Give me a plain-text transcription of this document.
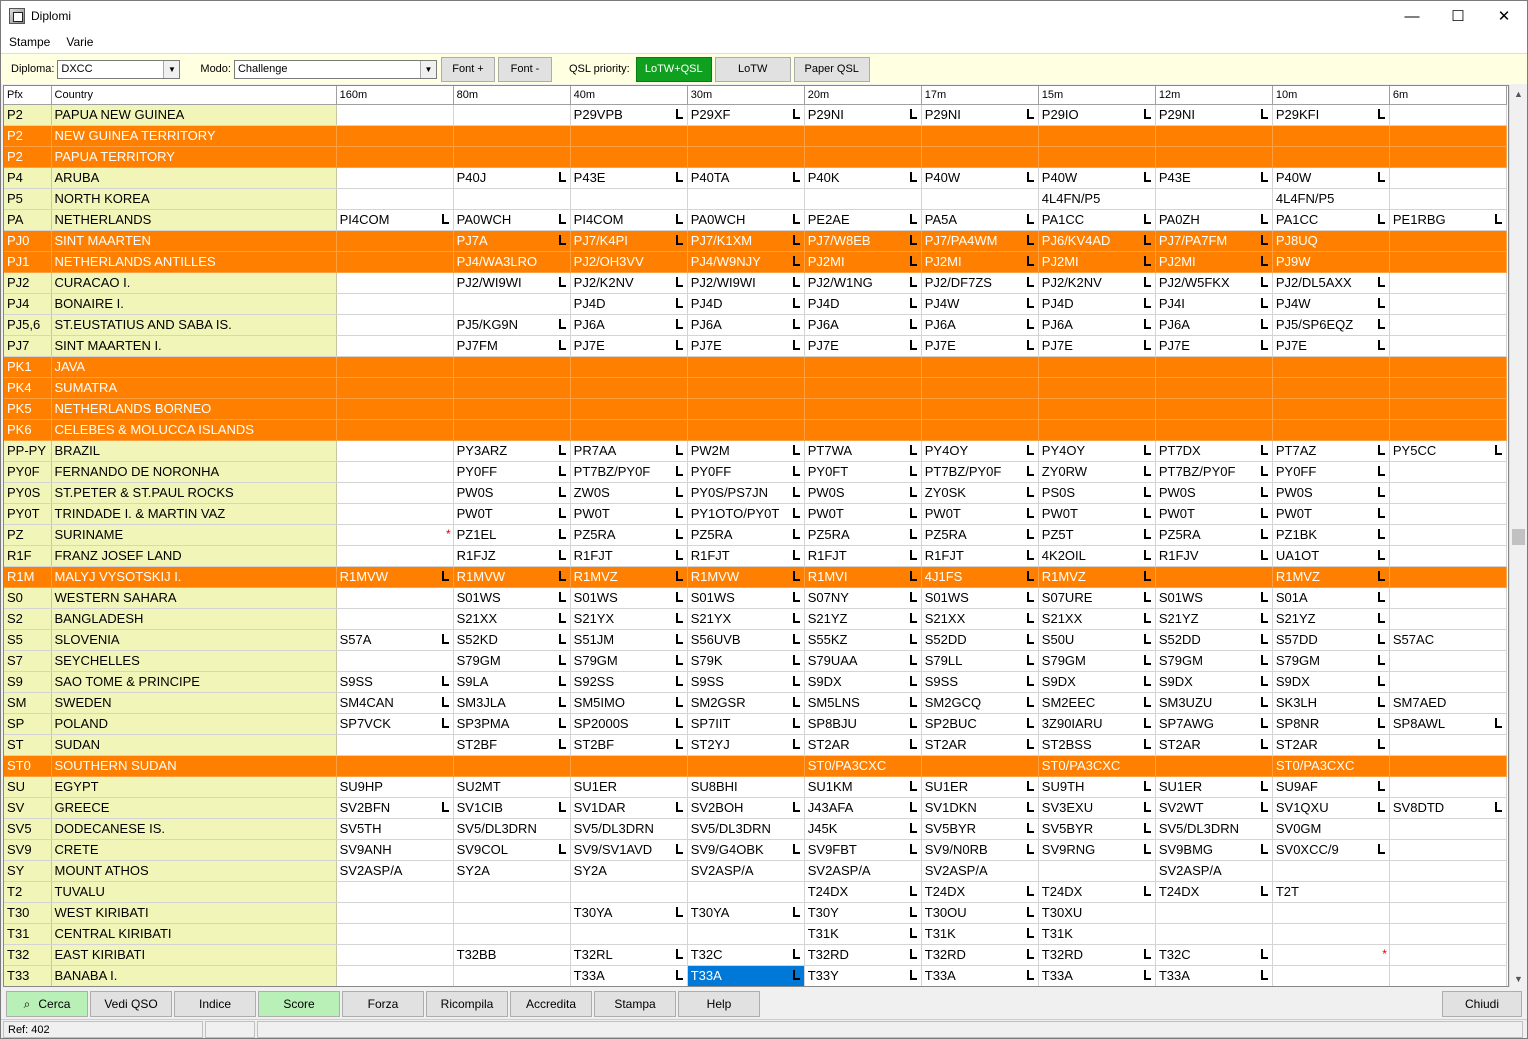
Diplomi	—	☐	✕
Stampe	Varie
Diploma: DXCC	▼	Modo: Challenge	▼	Font +	Font -	QSL priority:	LoTW+QSL	LoTW	Paper QSL
Pfx	Country	160m	80m	40m	30m	20m	17m	15m	12m	10m	6m
P2	PAPUA NEW GUINEA			P29VPB	P29XF	P29NI	P29NI	P29IO	P29NI	P29KFI

P2	NEW GUINEA TERRITORY										
P2	PAPUA TERRITORY										
P4	ARUBA		P40J	P43E	P40TA	P40K	P40W	P40W	P43E	P40W

P5	NORTH KOREA							4L4FN/P5		4L4FN/P5	
PA	NETHERLANDS	PI4COM	PA0WCH	PI4COM	PA0WCH	PE2AE	PA5A	PA1CC	PA0ZH	PA1CC	PE1RBG

PJ0	SINT MAARTEN		PJ7A	PJ7/K4PI	PJ7/K1XM	PJ7/W8EB	PJ7/PA4WM	PJ6/KV4AD	PJ7/PA7FM	PJ8UQ	
PJ1	NETHERLANDS ANTILLES		PJ4/WA3LRO	PJ2/OH3VV	PJ4/W9NJY	PJ2MI	PJ2MI	PJ2MI	PJ2MI	PJ9W	
PJ2	CURACAO I.		PJ2/WI9WI	PJ2/K2NV	PJ2/WI9WI	PJ2/W1NG	PJ2/DF7ZS	PJ2/K2NV	PJ2/W5FKX	PJ2/DL5AXX

PJ4	BONAIRE I.			PJ4D	PJ4D	PJ4D	PJ4W	PJ4D	PJ4I	PJ4W

PJ5,6	ST.EUSTATIUS AND SABA IS.		PJ5/KG9N	PJ6A	PJ6A	PJ6A	PJ6A	PJ6A	PJ6A	PJ5/SP6EQZ

PJ7	SINT MAARTEN I.		PJ7FM	PJ7E	PJ7E	PJ7E	PJ7E	PJ7E	PJ7E	PJ7E

PK1	JAVA										
PK4	SUMATRA										
PK5	NETHERLANDS BORNEO										
PK6	CELEBES & MOLUCCA ISLANDS										
PP-PY	BRAZIL		PY3ARZ	PR7AA	PW2M	PT7WA	PY4OY	PY4OY	PT7DX	PT7AZ	PY5CC

PY0F	FERNANDO DE NORONHA		PY0FF	PT7BZ/PY0F	PY0FF	PY0FT	PT7BZ/PY0F	ZY0RW	PT7BZ/PY0F	PY0FF

PY0S	ST.PETER & ST.PAUL ROCKS		PW0S	ZW0S	PY0S/PS7JN	PW0S	ZY0SK	PS0S	PW0S	PW0S

PY0T	TRINDADE I. & MARTIN VAZ		PW0T	PW0T	PY1OTO/PY0T	PW0T	PW0T	PW0T	PW0T	PW0T

PZ	SURINAME	*	PZ1EL	PZ5RA	PZ5RA	PZ5RA	PZ5RA	PZ5T	PZ5RA	PZ1BK

R1F	FRANZ JOSEF LAND		R1FJZ	R1FJT	R1FJT	R1FJT	R1FJT	4K2OIL	R1FJV	UA1OT

R1M	MALYJ VYSOTSKIJ I.	R1MVW	R1MVW	R1MVZ	R1MVW	R1MVI	4J1FS	R1MVZ		R1MVZ

S0	WESTERN SAHARA		S01WS	S01WS	S01WS	S07NY	S01WS	S07URE	S01WS	S01A

S2	BANGLADESH		S21XX	S21YX	S21YX	S21YZ	S21XX	S21XX	S21YZ	S21YZ

S5	SLOVENIA	S57A	S52KD	S51JM	S56UVB	S55KZ	S52DD	S50U	S52DD	S57DD	S57AC
S7	SEYCHELLES		S79GM	S79GM	S79K	S79UAA	S79LL	S79GM	S79GM	S79GM

S9	SAO TOME & PRINCIPE	S9SS	S9LA	S92SS	S9SS	S9DX	S9SS	S9DX	S9DX	S9DX

SM	SWEDEN	SM4CAN	SM3JLA	SM5IMO	SM2GSR	SM5LNS	SM2GCQ	SM2EEC	SM3UZU	SK3LH	SM7AED
SP	POLAND	SP7VCK	SP3PMA	SP2000S	SP7IIT	SP8BJU	SP2BUC	3Z90IARU	SP7AWG	SP8NR	SP8AWL

ST	SUDAN		ST2BF	ST2BF	ST2YJ	ST2AR	ST2AR	ST2BSS	ST2AR	ST2AR

ST0	SOUTHERN SUDAN					ST0/PA3CXC		ST0/PA3CXC		ST0/PA3CXC	
SU	EGYPT	SU9HP	SU2MT	SU1ER	SU8BHI	SU1KM	SU1ER	SU9TH	SU1ER	SU9AF

SV	GREECE	SV2BFN	SV1CIB	SV1DAR	SV2BOH	J43AFA	SV1DKN	SV3EXU	SV2WT	SV1QXU	SV8DTD

SV5	DODECANESE IS.	SV5TH	SV5/DL3DRN	SV5/DL3DRN	SV5/DL3DRN	J45K	SV5BYR	SV5BYR	SV5/DL3DRN	SV0GM	
SV9	CRETE	SV9ANH	SV9COL	SV9/SV1AVD	SV9/G4OBK	SV9FBT	SV9/N0RB	SV9RNG	SV9BMG	SV0XCC/9

SY	MOUNT ATHOS	SV2ASP/A	SY2A	SY2A	SV2ASP/A	SV2ASP/A	SV2ASP/A		SV2ASP/A		
T2	TUVALU					T24DX	T24DX	T24DX	T24DX	T2T	
T30	WEST KIRIBATI			T30YA	T30YA	T30Y	T30OU	T30XU			
T31	CENTRAL KIRIBATI					T31K	T31K	T31K			
T32	EAST KIRIBATI		T32BB	T32RL	T32C	T32RD	T32RD	T32RD	T32C	*	

T33	BANABA I.			T33A	T33A	T33Y	T33A	T33A	T33A

▲
▼
⌕ Cerca	Vedi QSO	Indice	Score	Forza	Ricompila	Accredita	Stampa	Help	Chiudi
Ref: 402
